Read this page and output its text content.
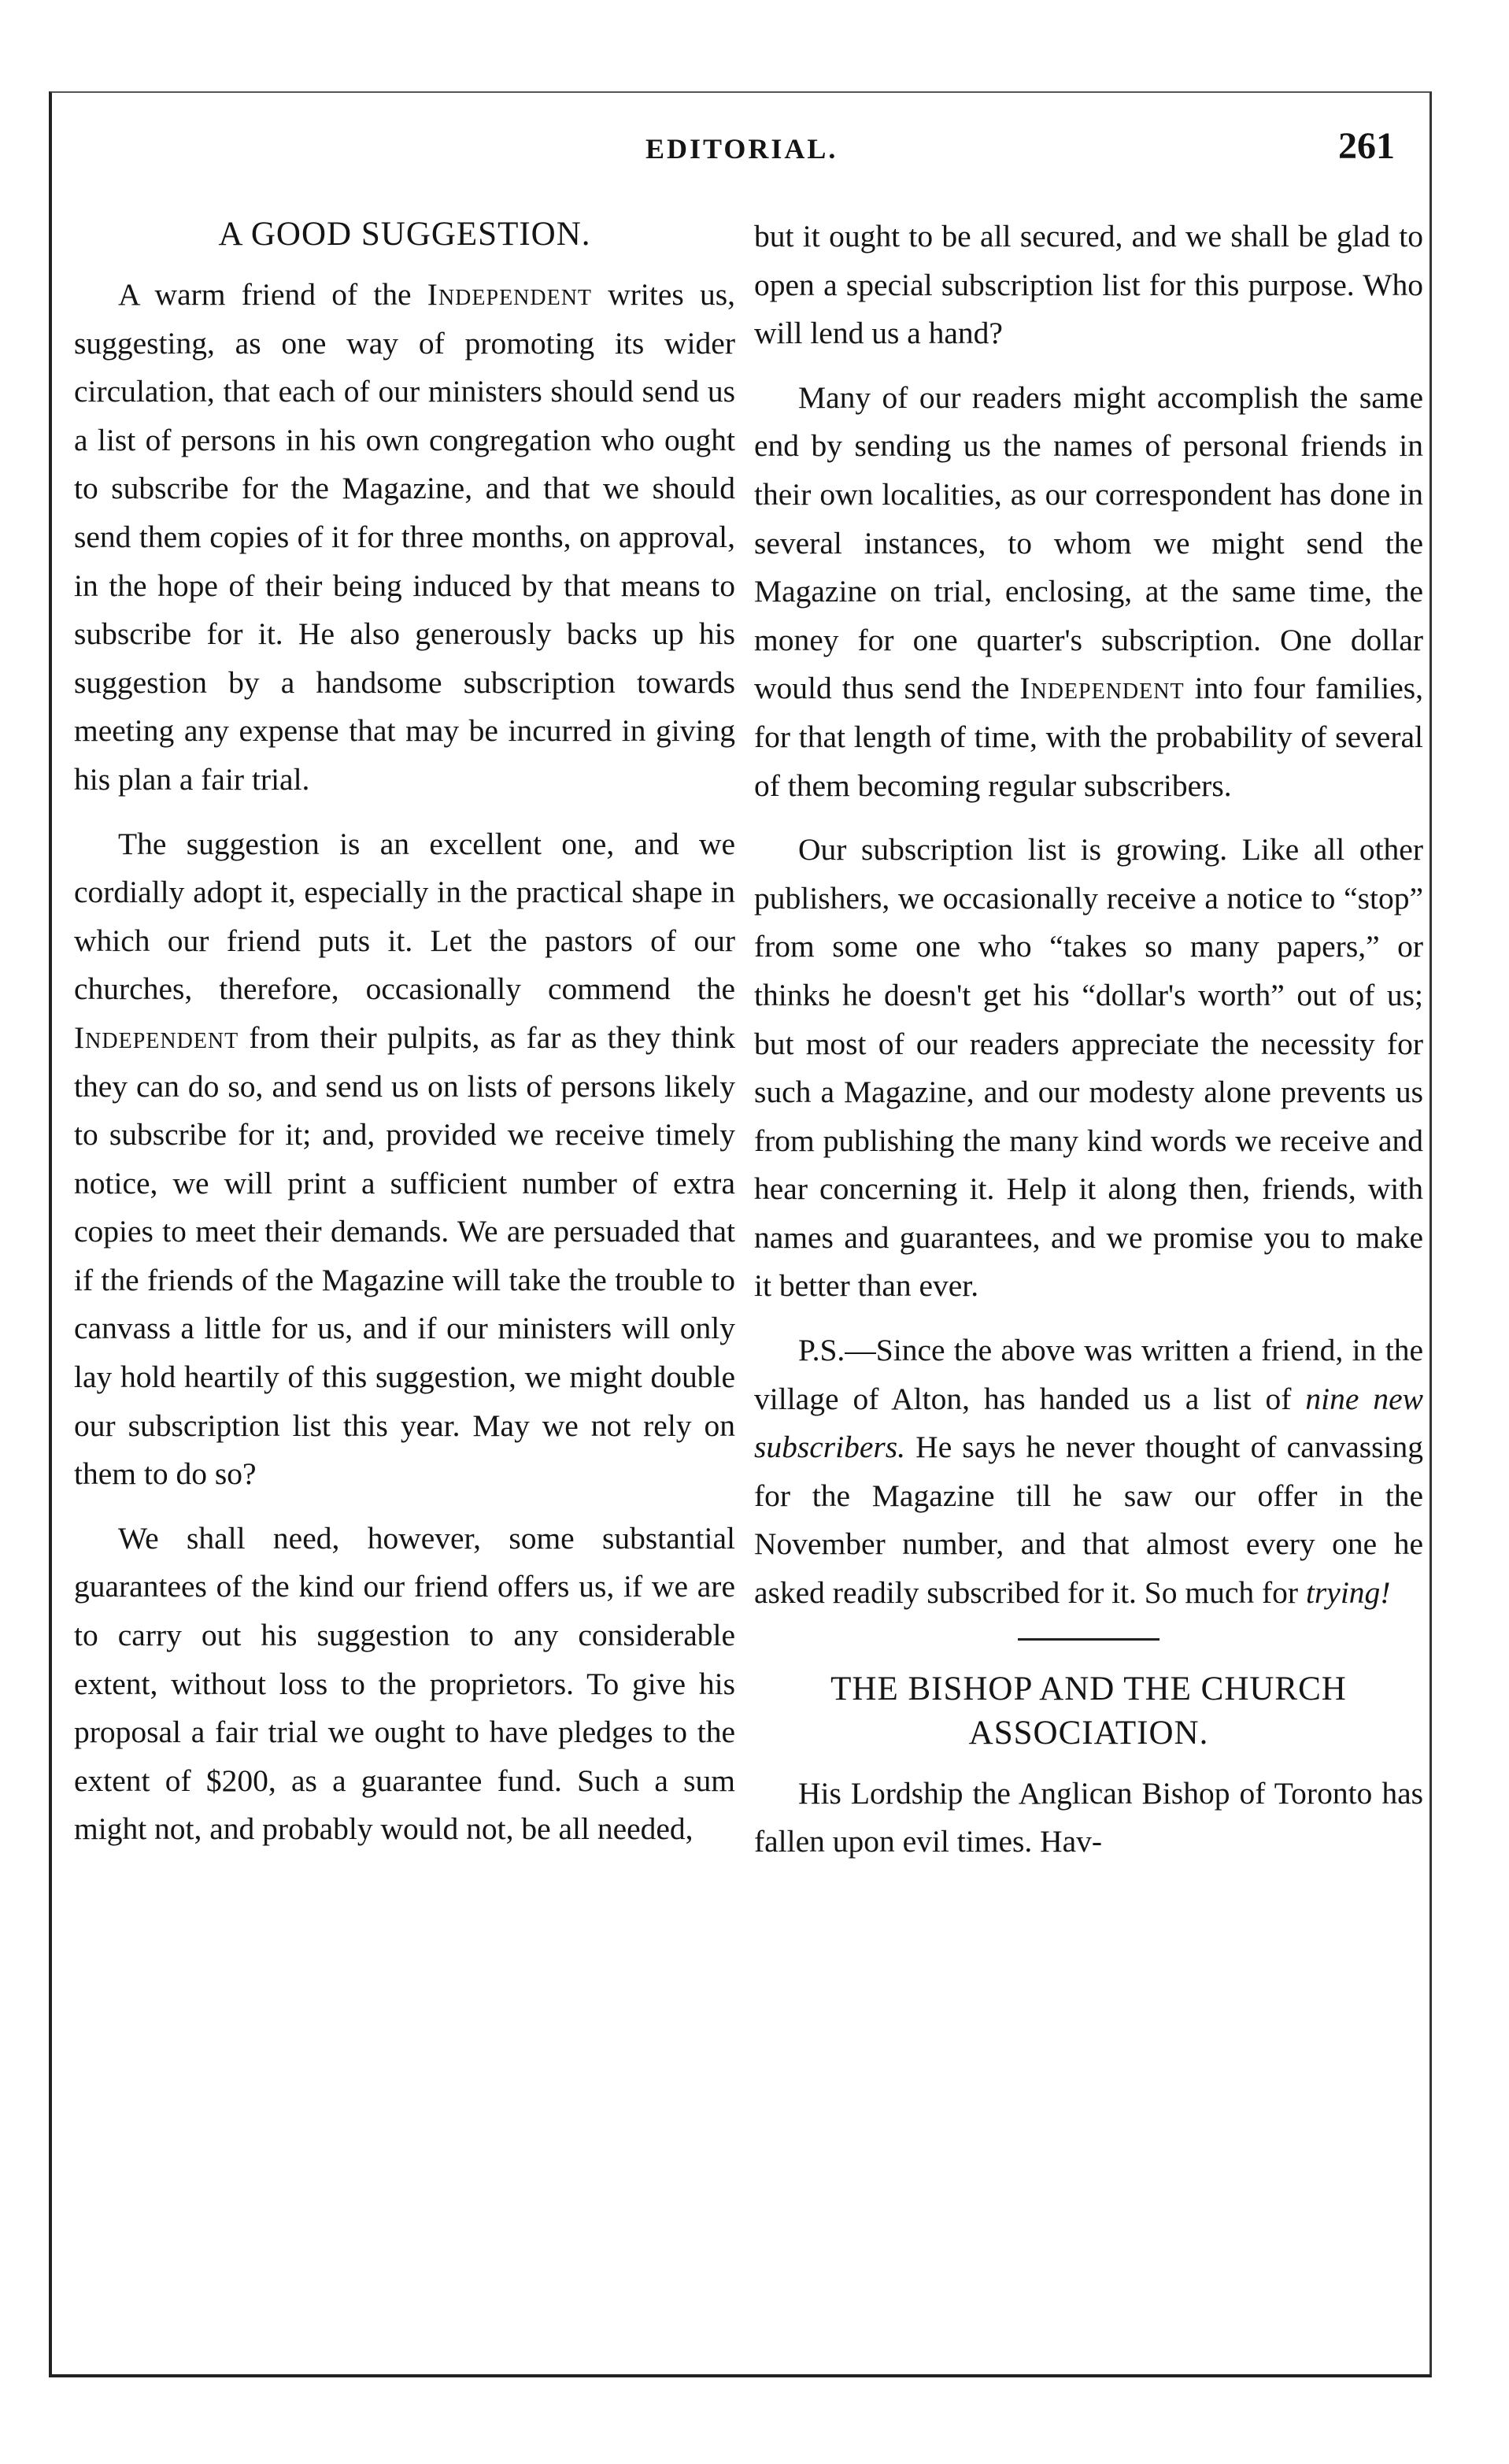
EDITORIAL.	261
A GOOD SUGGESTION.

A warm friend of the Independent writes us, suggesting, as one way of promoting its wider circulation, that each of our ministers should send us a list of persons in his own congregation who ought to subscribe for the Magazine, and that we should send them copies of it for three months, on approval, in the hope of their being induced by that means to subscribe for it. He also generously backs up his suggestion by a handsome subscription towards meeting any expense that may be incurred in giving his plan a fair trial.

The suggestion is an excellent one, and we cordially adopt it, especially in the practical shape in which our friend puts it. Let the pastors of our churches, therefore, occasionally commend the Independent from their pulpits, as far as they think they can do so, and send us on lists of persons likely to subscribe for it; and, provided we receive timely notice, we will print a sufficient number of extra copies to meet their demands. We are persuaded that if the friends of the Magazine will take the trouble to canvass a little for us, and if our ministers will only lay hold heartily of this suggestion, we might double our subscription list this year. May we not rely on them to do so?

We shall need, however, some substantial guarantees of the kind our friend offers us, if we are to carry out his suggestion to any considerable extent, without loss to the proprietors. To give his proposal a fair trial we ought to have pledges to the extent of $200, as a guarantee fund. Such a sum might not, and probably would not, be all needed,

but it ought to be all secured, and we shall be glad to open a special subscription list for this purpose. Who will lend us a hand?

Many of our readers might accomplish the same end by sending us the names of personal friends in their own localities, as our correspondent has done in several instances, to whom we might send the Magazine on trial, enclosing, at the same time, the money for one quarter's subscription. One dollar would thus send the Independent into four families, for that length of time, with the probability of several of them becoming regular subscribers.

Our subscription list is growing. Like all other publishers, we occasionally receive a notice to “stop” from some one who “takes so many papers,” or thinks he doesn't get his “dollar's worth” out of us; but most of our readers appreciate the necessity for such a Magazine, and our modesty alone prevents us from publishing the many kind words we receive and hear concerning it. Help it along then, friends, with names and guarantees, and we promise you to make it better than ever.

P.S.—Since the above was written a friend, in the village of Alton, has handed us a list of nine new subscribers. He says he never thought of canvassing for the Magazine till he saw our offer in the November number, and that almost every one he asked readily subscribed for it. So much for trying!

THE BISHOP AND THE CHURCH ASSOCIATION.

His Lordship the Anglican Bishop of Toronto has fallen upon evil times. Hav-
